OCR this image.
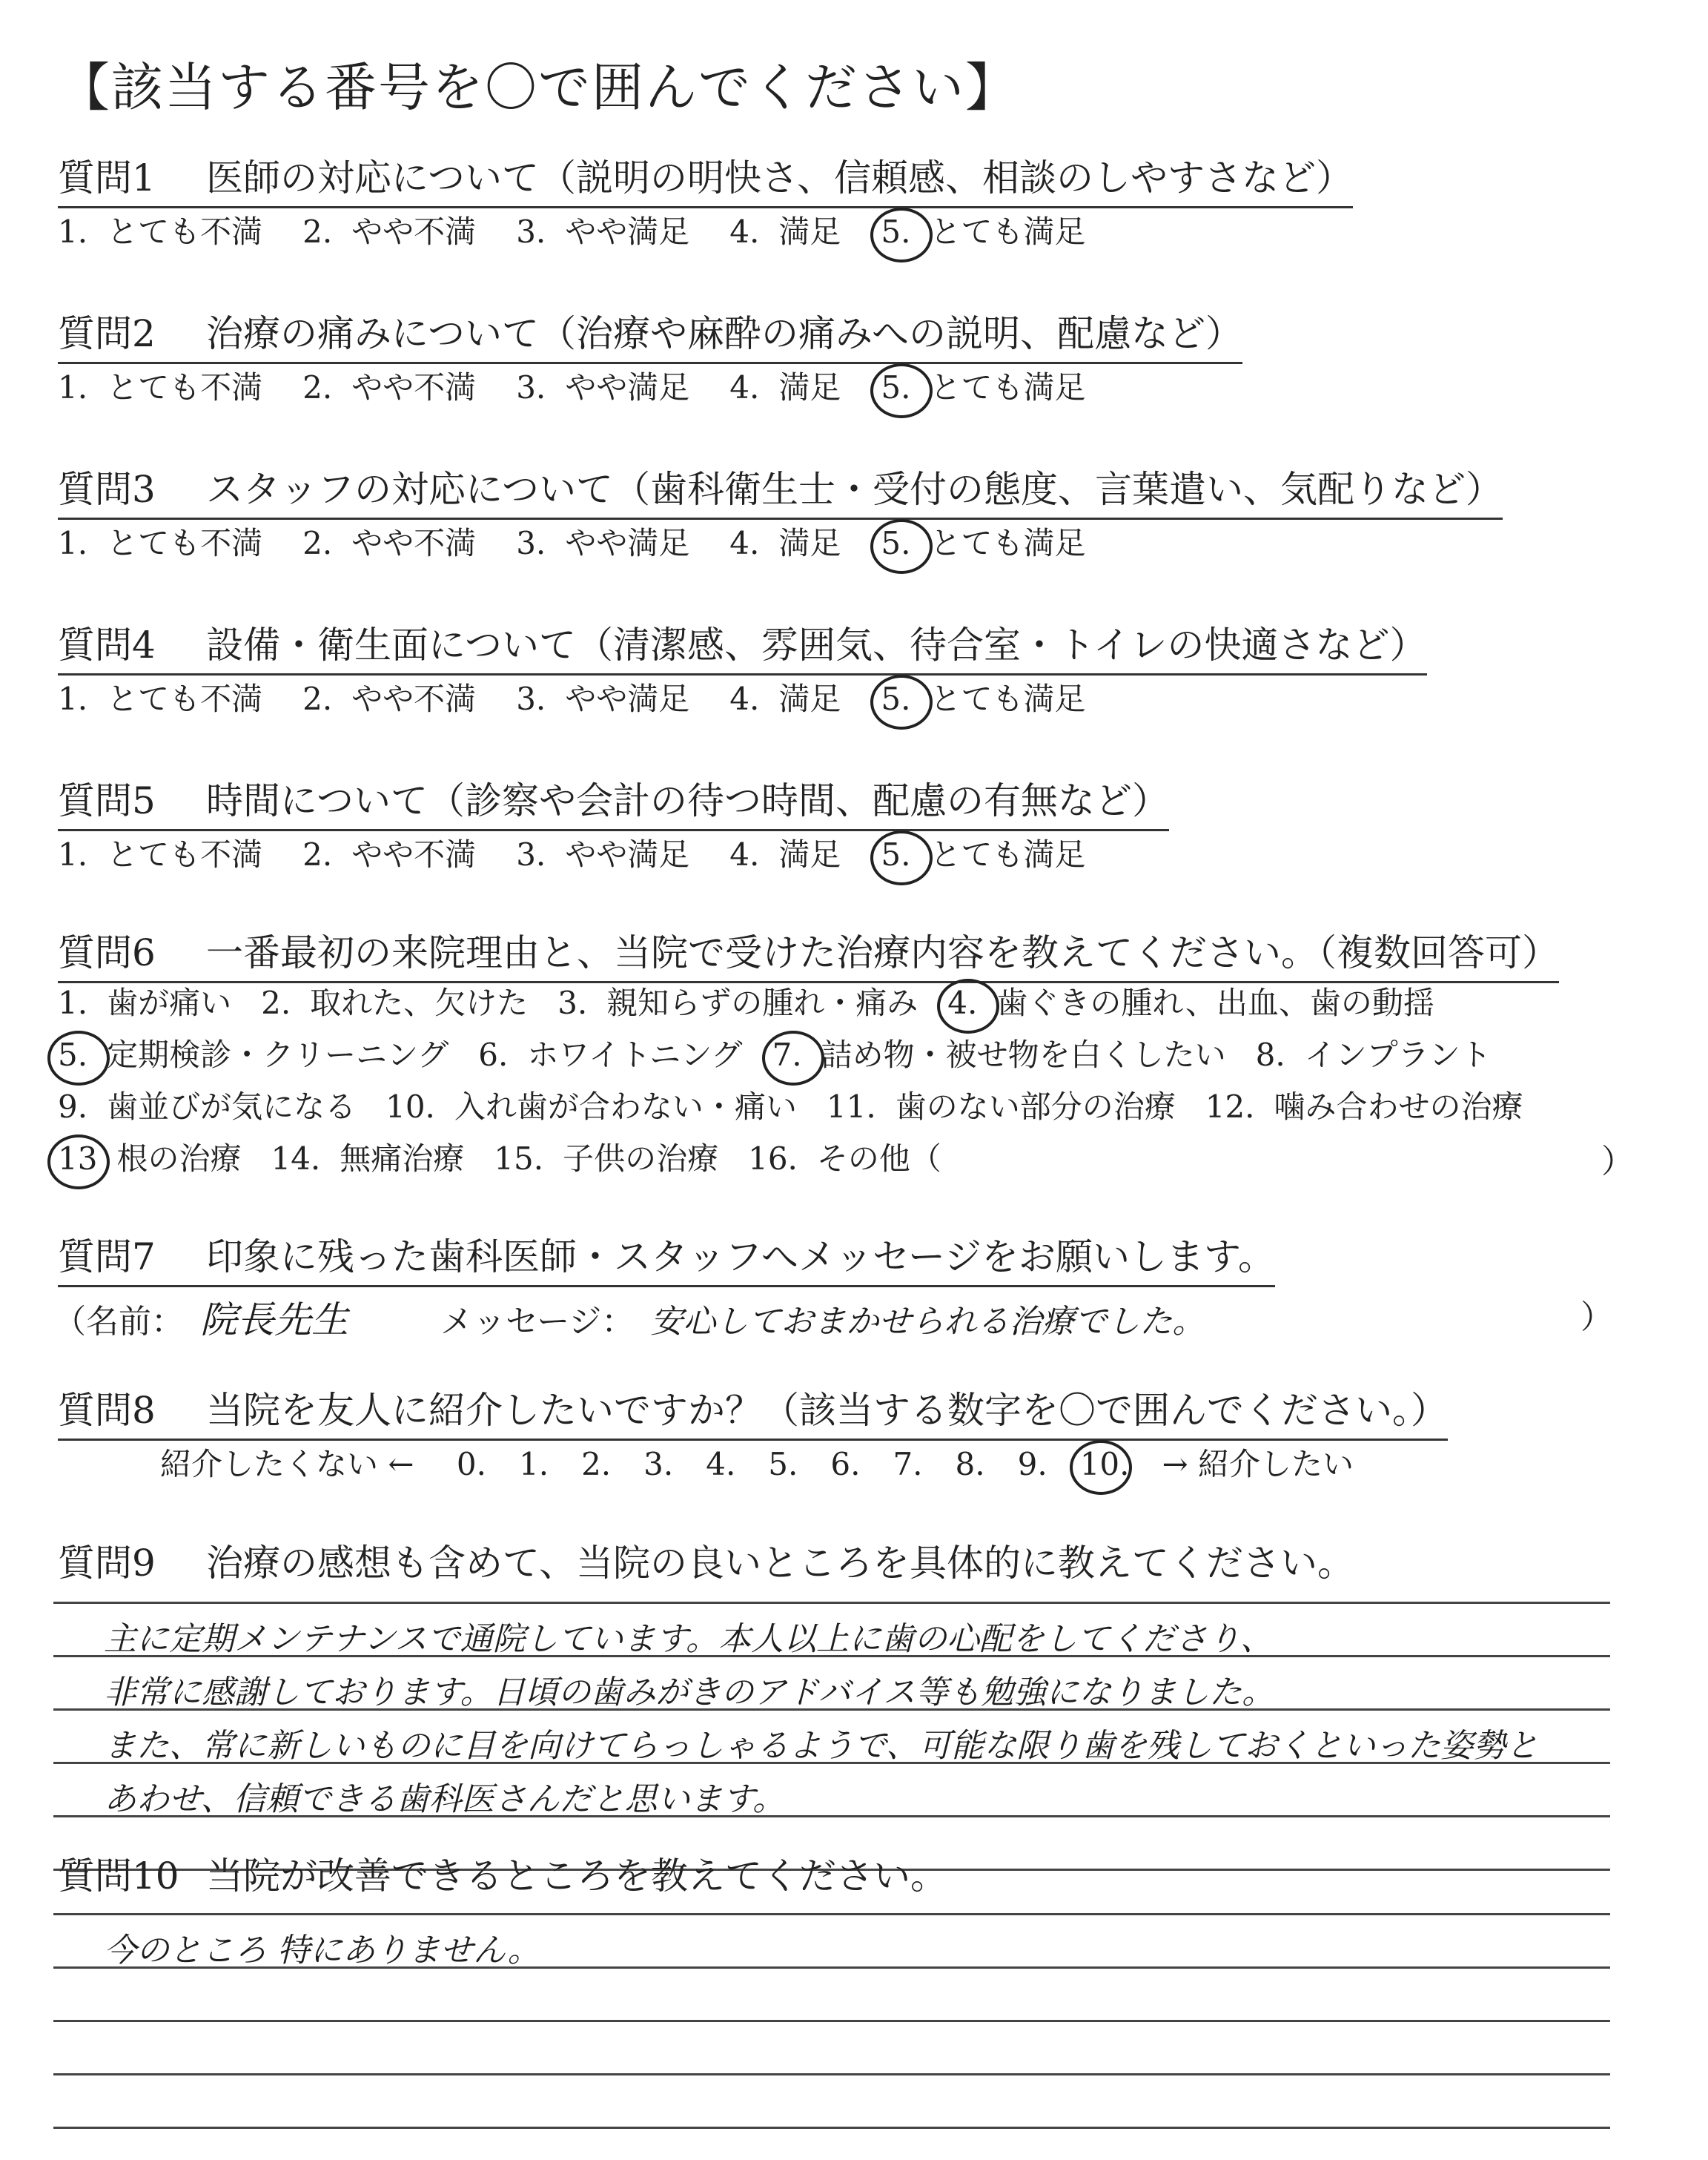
【該当する番号を〇で囲んでください】
質問1 医師の対応について（説明の明快さ、信頼感、相談のしやすさなど）
1. とても不満 2. やや不満 3. やや満足 4. 満足 5. とても満足
質問2 治療の痛みについて（治療や麻酔の痛みへの説明、配慮など）
1. とても不満 2. やや不満 3. やや満足 4. 満足 5. とても満足
質問3 スタッフの対応について（歯科衛生士・受付の態度、言葉遣い、気配りなど）
1. とても不満 2. やや不満 3. やや満足 4. 満足 5. とても満足
質問4 設備・衛生面について（清潔感、雰囲気、待合室・トイレの快適さなど）
1. とても不満 2. やや不満 3. やや満足 4. 満足 5. とても満足
質問5 時間について（診察や会計の待つ時間、配慮の有無など）
1. とても不満 2. やや不満 3. やや満足 4. 満足 5. とても満足
質問6 一番最初の来院理由と、当院で受けた治療内容を教えてください。（複数回答可）
1. 歯が痛い 2. 取れた、欠けた 3. 親知らずの腫れ・痛み 4. 歯ぐきの腫れ、出血、歯の動揺
5. 定期検診・クリーニング 6. ホワイトニング 7. 詰め物・被せ物を白くしたい 8. インプラント
9. 歯並びが気になる 10. 入れ歯が合わない・痛い 11. 歯のない部分の治療 12. 噛み合わせの治療
13 根の治療 14. 無痛治療 15. 子供の治療 16. その他（
質問7 印象に残った歯科医師・スタッフへメッセージをお願いします。
（名前： 院長先生	メッセージ： 安心しておまかせられる治療でした。	）
質問8 当院を友人に紹介したいですか？（該当する数字を〇で囲んでください。）
紹介したくない ← 0. 1. 2. 3. 4. 5. 6. 7. 8. 9. 10. → 紹介したい
質問9 治療の感想も含めて、当院の良いところを具体的に教えてください。
主に定期メンテナンスで通院しています。本人以上に歯の心配をしてくださり、
非常に感謝しております。日頃の歯みがきのアドバイス等も勉強になりました。
また、常に新しいものに目を向けてらっしゃるようで、可能な限り歯を残しておくといった姿勢と
あわせ、信頼できる歯科医さんだと思います。
質問10 当院が改善できるところを教えてください。
今のところ 特にありません。
）
